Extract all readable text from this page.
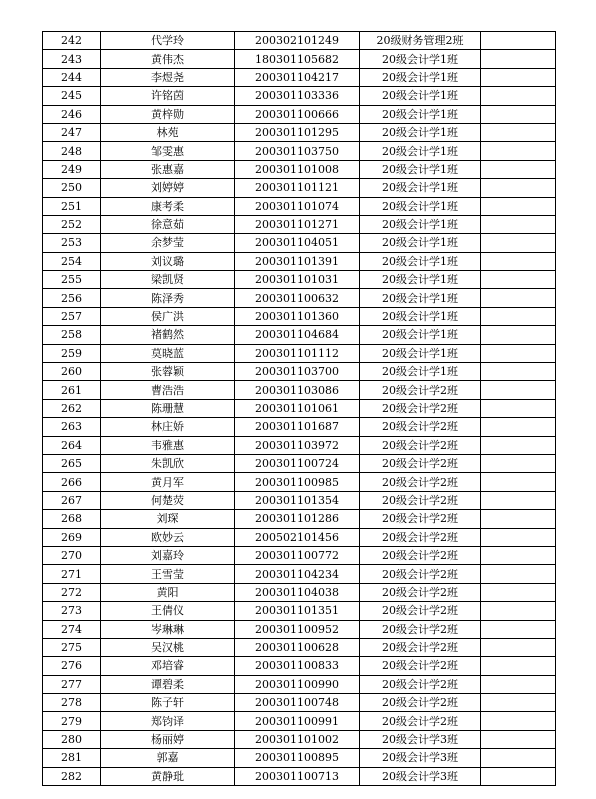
242	代学玲	200302101249	20级财务管理2班	
243	黄伟杰	180301105682	20级会计学1班	
244	李煜尧	200301104217	20级会计学1班	
245	许铭茵	200301103336	20级会计学1班	
246	黄梓勋	200301100666	20级会计学1班	
247	林苑	200301101295	20级会计学1班	
248	邹雯惠	200301103750	20级会计学1班	
249	张惠嘉	200301101008	20级会计学1班	
250	刘婷婷	200301101121	20级会计学1班	
251	康考柔	200301101074	20级会计学1班	
252	徐意茹	200301101271	20级会计学1班	
253	余梦莹	200301104051	20级会计学1班	
254	刘议璐	200301101391	20级会计学1班	
255	梁凯贤	200301101031	20级会计学1班	
256	陈泽秀	200301100632	20级会计学1班	
257	侯广洪	200301101360	20级会计学1班	
258	褚鹤然	200301104684	20级会计学1班	
259	莫晓蓝	200301101112	20级会计学1班	
260	张蓉颖	200301103700	20级会计学1班	
261	曹浩浩	200301103086	20级会计学2班	
262	陈珊慧	200301101061	20级会计学2班	
263	林庄娇	200301101687	20级会计学2班	
264	韦雅惠	200301103972	20级会计学2班	
265	朱凯欣	200301100724	20级会计学2班	
266	黄月军	200301100985	20级会计学2班	
267	何楚荧	200301101354	20级会计学2班	
268	刘琛	200301101286	20级会计学2班	
269	欧妙云	200502101456	20级会计学2班	
270	刘嘉玲	200301100772	20级会计学2班	
271	王雪莹	200301104234	20级会计学2班	
272	黄阳	200301104038	20级会计学2班	
273	王倩仪	200301101351	20级会计学2班	
274	岑琳琳	200301100952	20级会计学2班	
275	吴汉桃	200301100628	20级会计学2班	
276	邓培睿	200301100833	20级会计学2班	
277	谭碧柔	200301100990	20级会计学2班	
278	陈子轩	200301100748	20级会计学2班	
279	郑钧译	200301100991	20级会计学2班	
280	杨丽婷	200301101002	20级会计学3班	
281	郭嘉	200301100895	20级会计学3班	
282	黄静玭	200301100713	20级会计学3班	
